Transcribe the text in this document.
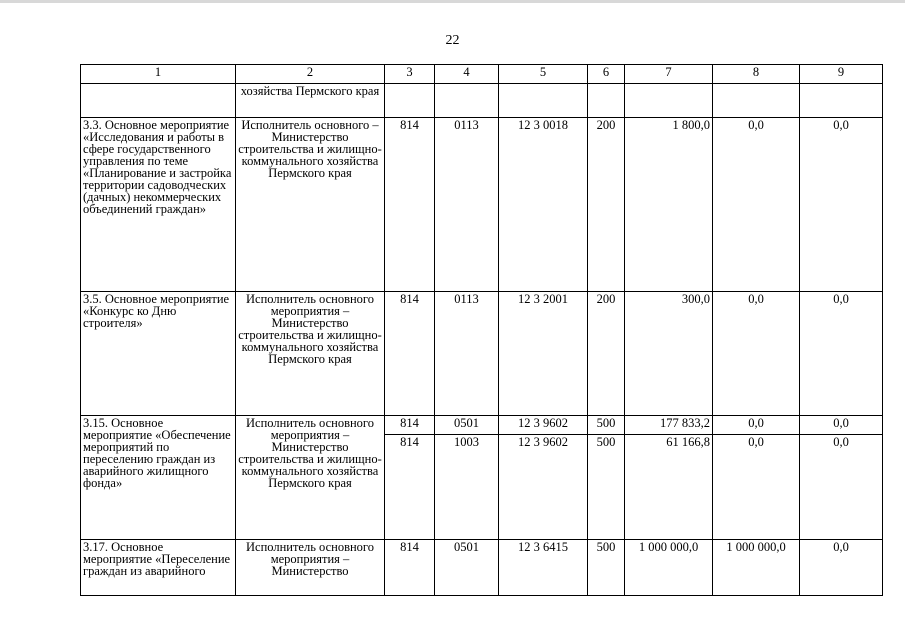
22
1	2	3	4	5	6	7	8	9
	хозяйства Пермского края							
3.3. Основное мероприятие «Исследования и работы в сфере государственного управления по теме «Планирование и застройка территории садоводческих (дачных) некоммерческих объединений граждан»	Исполнитель основного – Министерство строительства и жилищно-коммунального хозяйства Пермского края	814	0113	12 3 0018	200	1 800,0	0,0	0,0
3.5. Основное мероприятие «Конкурс ко Дню строителя»	Исполнитель основного мероприятия – Министерство строительства и жилищно-коммунального хозяйства Пермского края	814	0113	12 3 2001	200	300,0	0,0	0,0
3.15. Основное мероприятие «Обеспечение мероприятий по переселению граждан из аварийного жилищного фонда»	Исполнитель основного мероприятия – Министерство строительства и жилищно-коммунального хозяйства Пермского края	814	0501	12 3 9602	500	177 833,2	0,0	0,0
		814	1003	12 3 9602	500	61 166,8	0,0	0,0
3.17. Основное мероприятие «Переселение граждан из аварийного	Исполнитель основного мероприятия – Министерство	814	0501	12 3 6415	500	1 000 000,0	1 000 000,0	0,0
